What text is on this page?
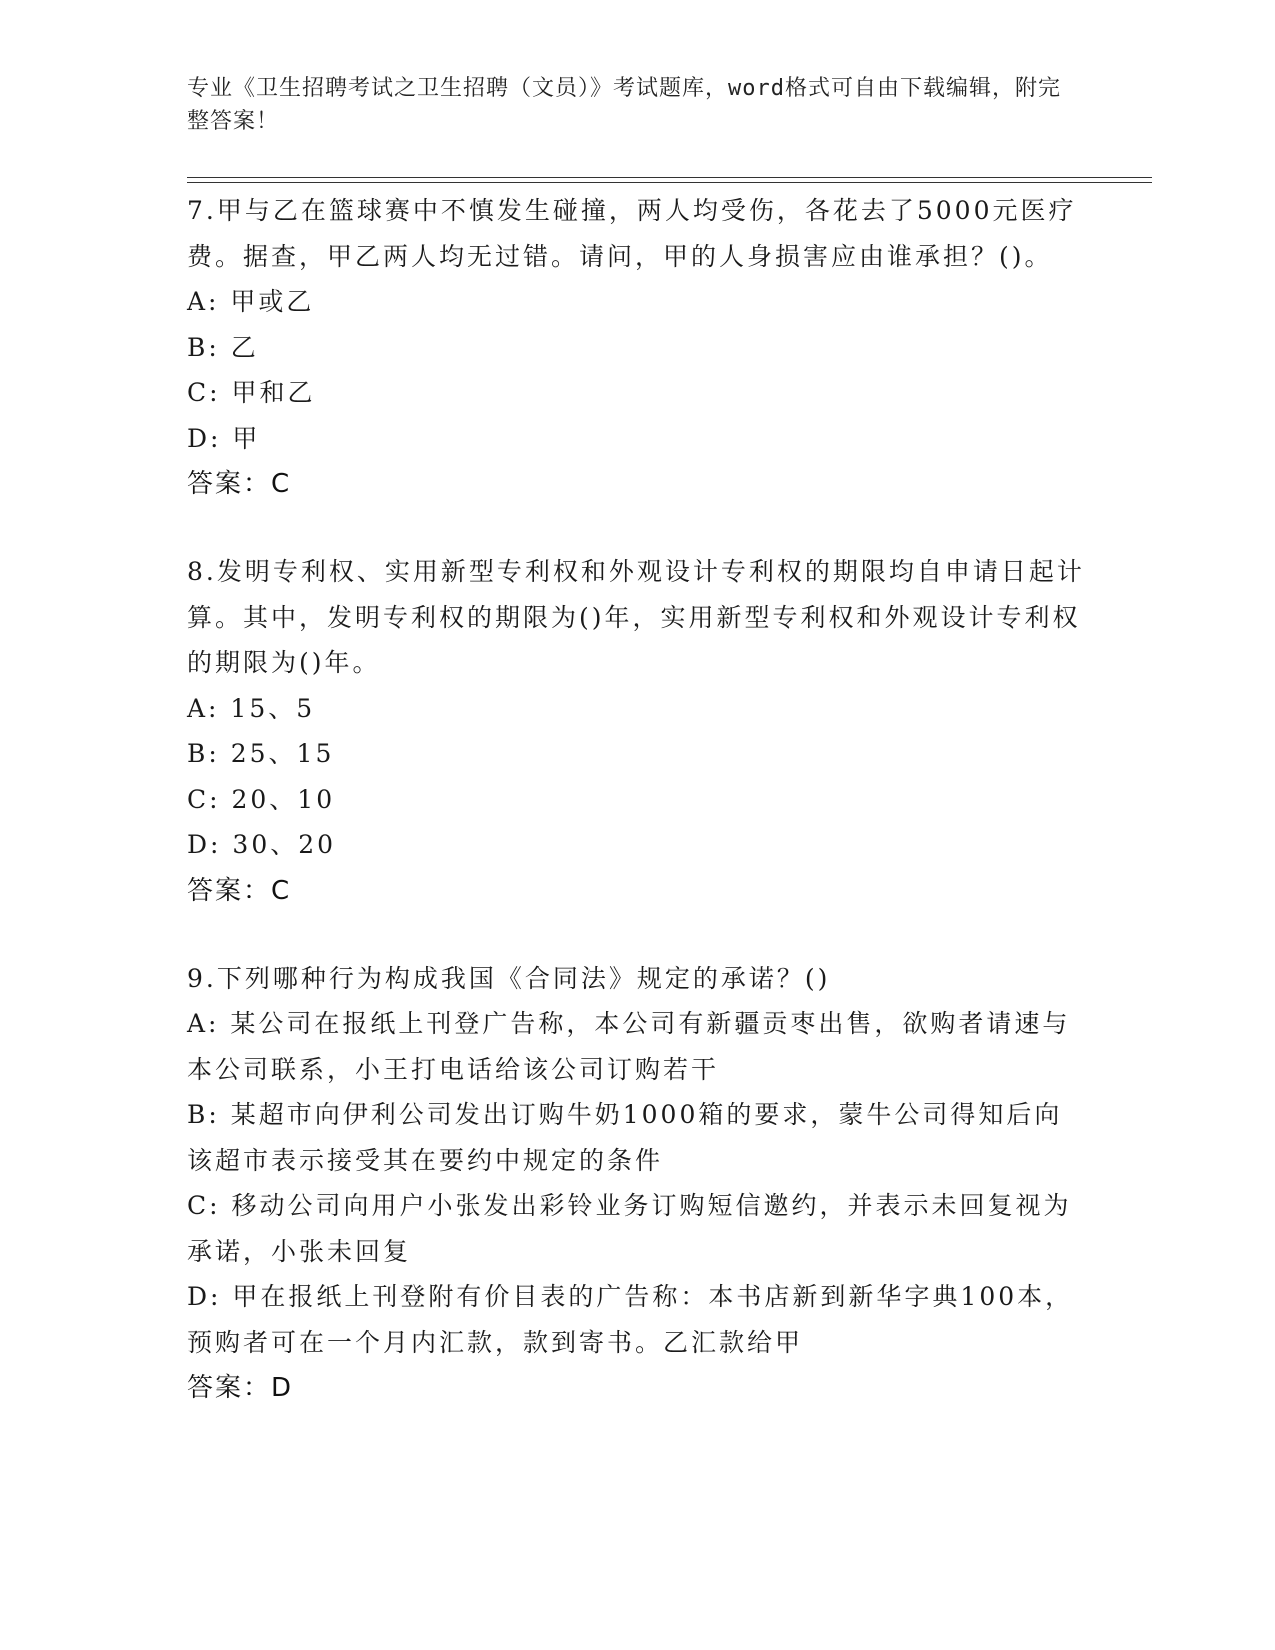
专业《卫生招聘考试之卫生招聘（文员）》考试题库，word格式可自由下载编辑，附完整答案！

7.甲与乙在篮球赛中不慎发生碰撞，两人均受伤，各花去了5000元医疗费。据查，甲乙两人均无过错。请问，甲的人身损害应由谁承担？()。

A: 甲或乙

B: 乙

C: 甲和乙

D: 甲

答案：C

8.发明专利权、实用新型专利权和外观设计专利权的期限均自申请日起计算。其中，发明专利权的期限为()年，实用新型专利权和外观设计专利权的期限为()年。

A: 15、5

B: 25、15

C: 20、10

D: 30、20

答案：C

9.下列哪种行为构成我国《合同法》规定的承诺？()

A: 某公司在报纸上刊登广告称，本公司有新疆贡枣出售，欲购者请速与本公司联系，小王打电话给该公司订购若干

B: 某超市向伊利公司发出订购牛奶1000箱的要求，蒙牛公司得知后向该超市表示接受其在要约中规定的条件

C: 移动公司向用户小张发出彩铃业务订购短信邀约，并表示未回复视为承诺，小张未回复

D: 甲在报纸上刊登附有价目表的广告称：本书店新到新华字典100本，预购者可在一个月内汇款，款到寄书。乙汇款给甲

答案：D
